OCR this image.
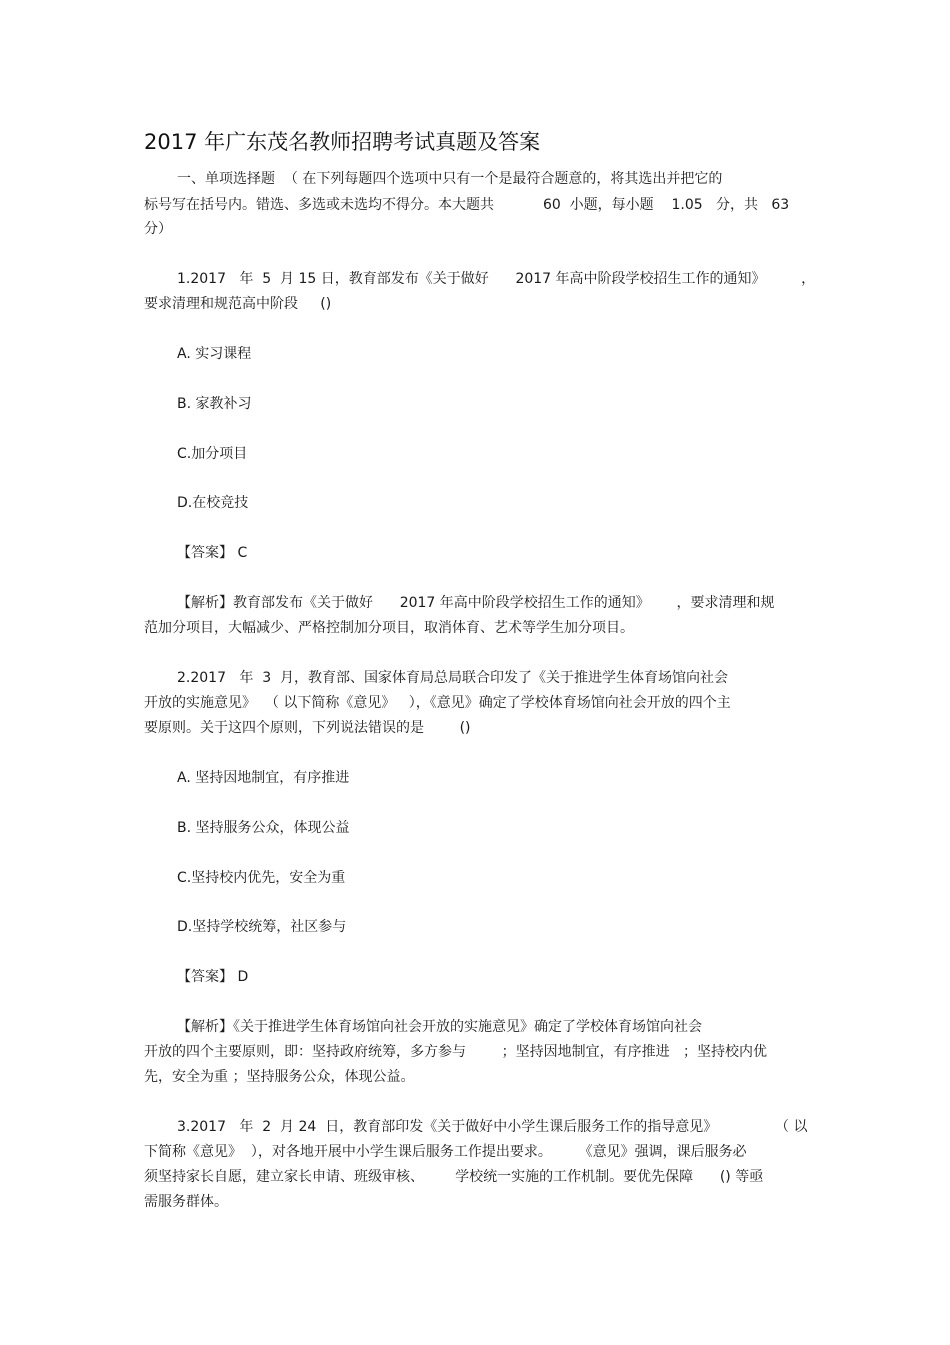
2017 年广东茂名教师招聘考试真题及答案
一、单项选择题  （ 在下列每题四个选项中只有一个是最符合题意的，将其选出并把它的
标号写在括号内。错选、多选或未选均不得分。本大题共           60  小题，每小题    1.05   分，共   63
分）
1.2017   年  5  月 15 日，教育部发布《关于做好      2017 年高中阶段学校招生工作的通知》        ，
要求清理和规范高中阶段     ()
A. 实习课程
B. 家教补习
C.加分项目
D.在校竞技
【答案】 C
【解析】教育部发布《关于做好      2017 年高中阶段学校招生工作的通知》      ，要求清理和规
范加分项目，大幅减少、严格控制加分项目，取消体育、艺术等学生加分项目。
2.2017   年  3  月，教育部、国家体育局总局联合印发了《关于推进学生体育场馆向社会
开放的实施意见》  （ 以下简称《意见》   ），《意见》确定了学校体育场馆向社会开放的四个主
要原则。关于这四个原则，下列说法错误的是        ()
A. 坚持因地制宜，有序推进
B. 坚持服务公众，体现公益
C.坚持校内优先，安全为重
D.坚持学校统筹，社区参与
【答案】 D
【解析】《关于推进学生体育场馆向社会开放的实施意见》确定了学校体育场馆向社会
开放的四个主要原则，即：坚持政府统筹，多方参与        ；坚持因地制宜，有序推进   ；坚持校内优
先，安全为重 ；坚持服务公众，体现公益。
3.2017   年  2  月 24  日，教育部印发《关于做好中小学生课后服务工作的指导意见》             （ 以
下简称《意见》  ），对各地开展中小学生课后服务工作提出要求。      《意见》强调，课后服务必
须坚持家长自愿，建立家长申请、班级审核、       学校统一实施的工作机制。要优先保障      () 等亟
需服务群体。
